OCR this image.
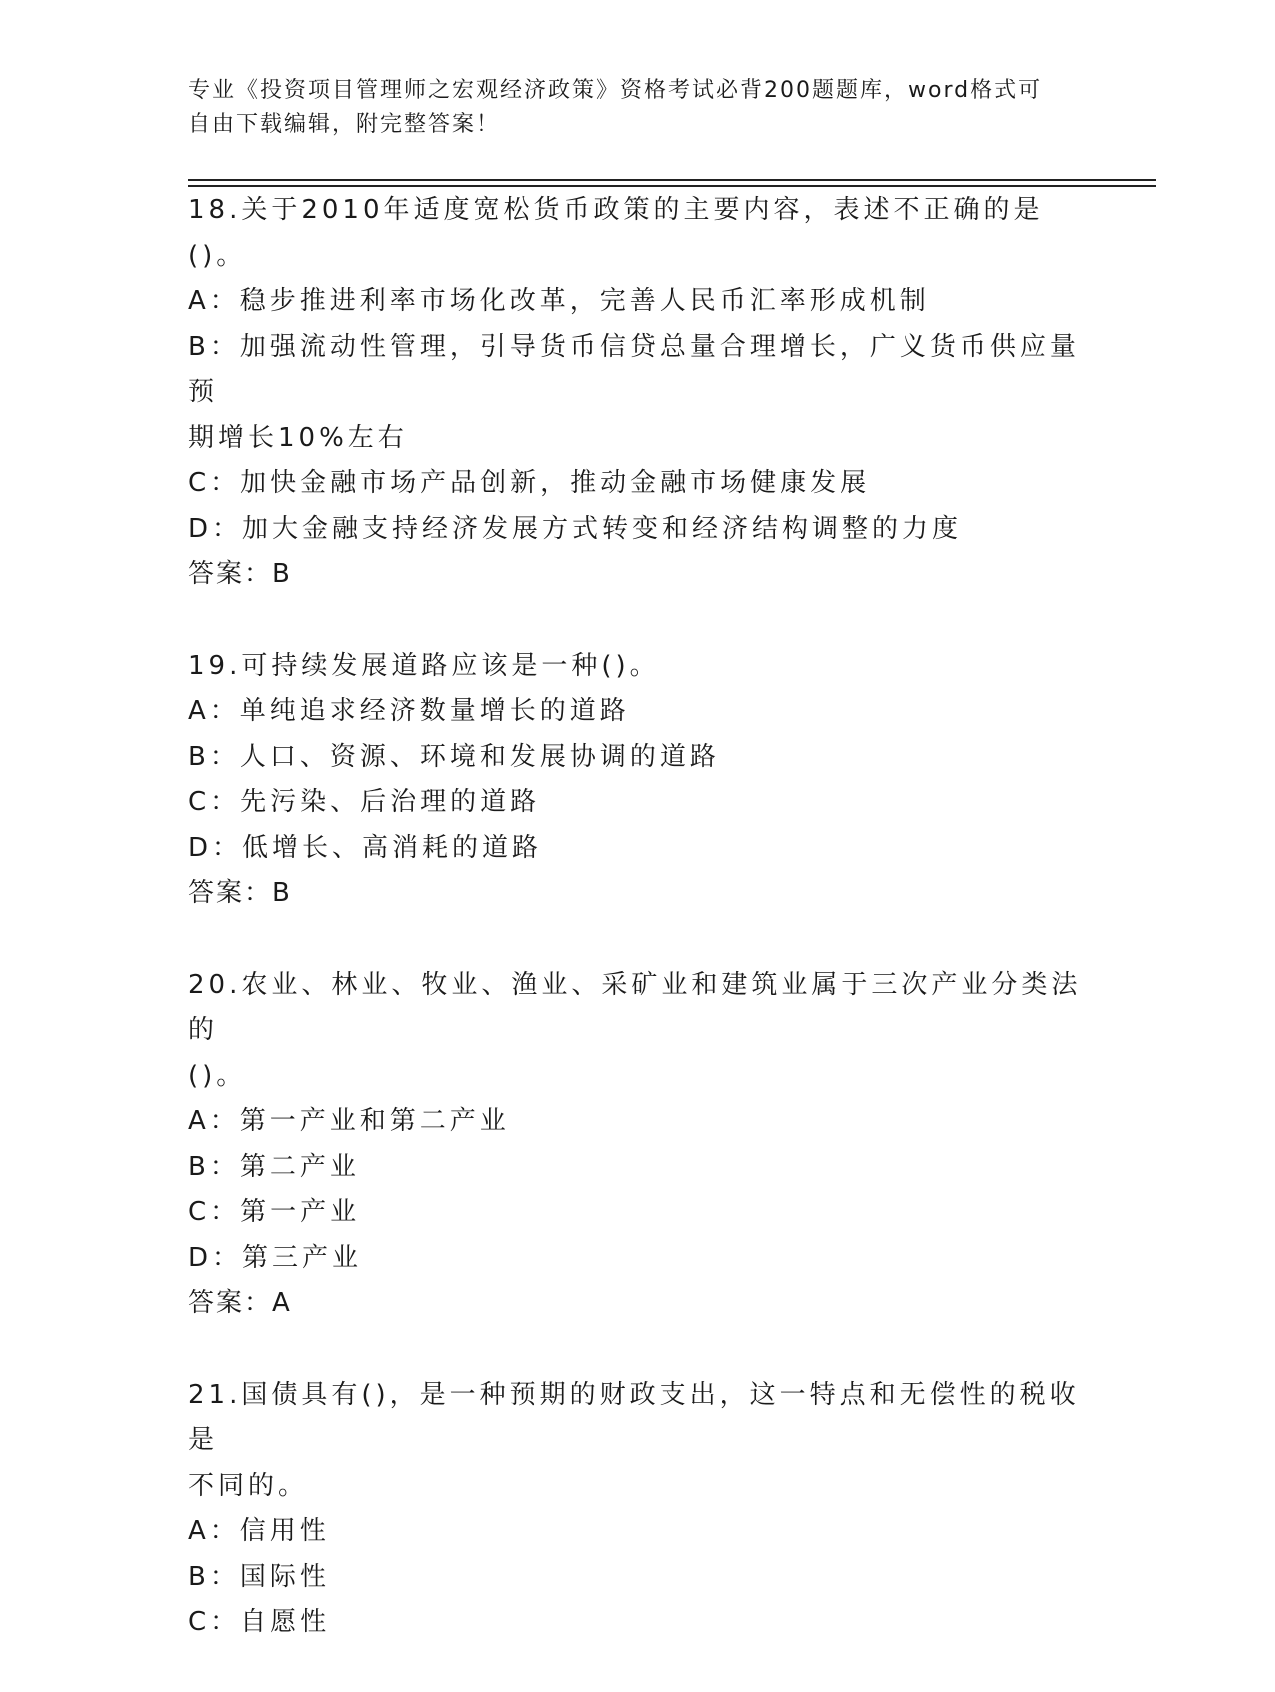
专业《投资项目管理师之宏观经济政策》资格考试必背200题题库，word格式可
自由下载编辑，附完整答案！
18.关于2010年适度宽松货币政策的主要内容，表述不正确的是()。
A：稳步推进利率市场化改革，完善人民币汇率形成机制
B：加强流动性管理，引导货币信贷总量合理增长，广义货币供应量预
期增长10%左右
C：加快金融市场产品创新，推动金融市场健康发展
D：加大金融支持经济发展方式转变和经济结构调整的力度
答案：B
19.可持续发展道路应该是一种()。
A：单纯追求经济数量增长的道路
B：人口、资源、环境和发展协调的道路
C：先污染、后治理的道路
D：低增长、高消耗的道路
答案：B
20.农业、林业、牧业、渔业、采矿业和建筑业属于三次产业分类法的
()。
A：第一产业和第二产业
B：第二产业
C：第一产业
D：第三产业
答案：A
21.国债具有()，是一种预期的财政支出，这一特点和无偿性的税收是
不同的。
A：信用性
B：国际性
C：自愿性
